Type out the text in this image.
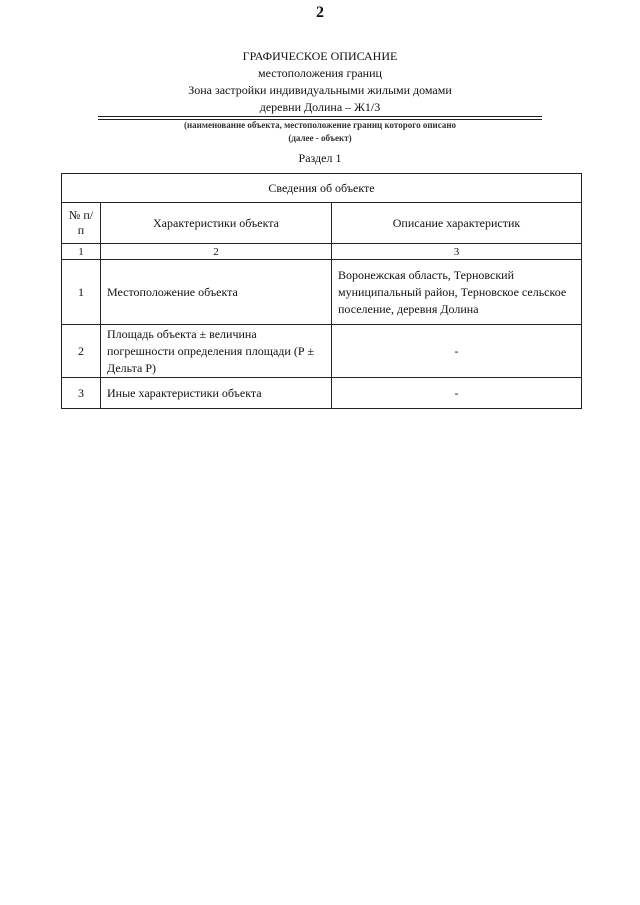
2
ГРАФИЧЕСКОЕ ОПИСАНИЕ
местоположения границ
Зона застройки индивидуальными жилыми домами
деревни Долина – Ж1/3
(наименование объекта, местоположение границ которого описано
(далее - объект)
Раздел 1
Сведения об объекте		
№ п/п	Характеристики объекта	Описание характеристик
1	2	3
1	Местоположение объекта	Воронежская область, Терновский муниципальный район, Терновское сельское поселение, деревня Долина
2	Площадь объекта ± величина погрешности определения площади (Р ± Дельта Р)	-
3	Иные характеристики объекта	-
